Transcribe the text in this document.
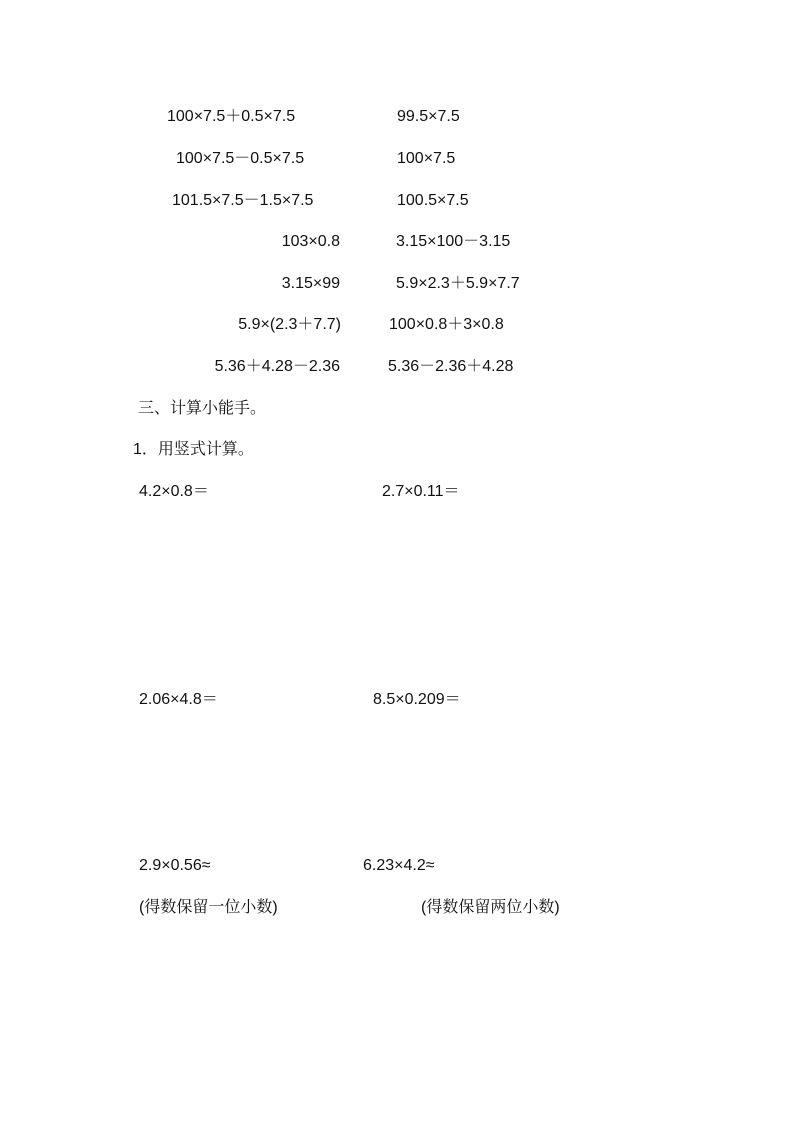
100×7.5＋0.5×7.5	99.5×7.5
100×7.5－0.5×7.5	100×7.5
101.5×7.5－1.5×7.5	100.5×7.5
103×0.8	3.15×100－3.15
3.15×99	5.9×2.3＋5.9×7.7
5.9×(2.3＋7.7)	100×0.8＋3×0.8
5.36＋4.28－2.36	5.36－2.36＋4.28
三、计算小能手。
1．用竖式计算。
4.2×0.8＝	2.7×0.11＝
2.06×4.8＝	8.5×0.209＝
2.9×0.56≈	6.23×4.2≈
(得数保留一位小数)	(得数保留两位小数)
